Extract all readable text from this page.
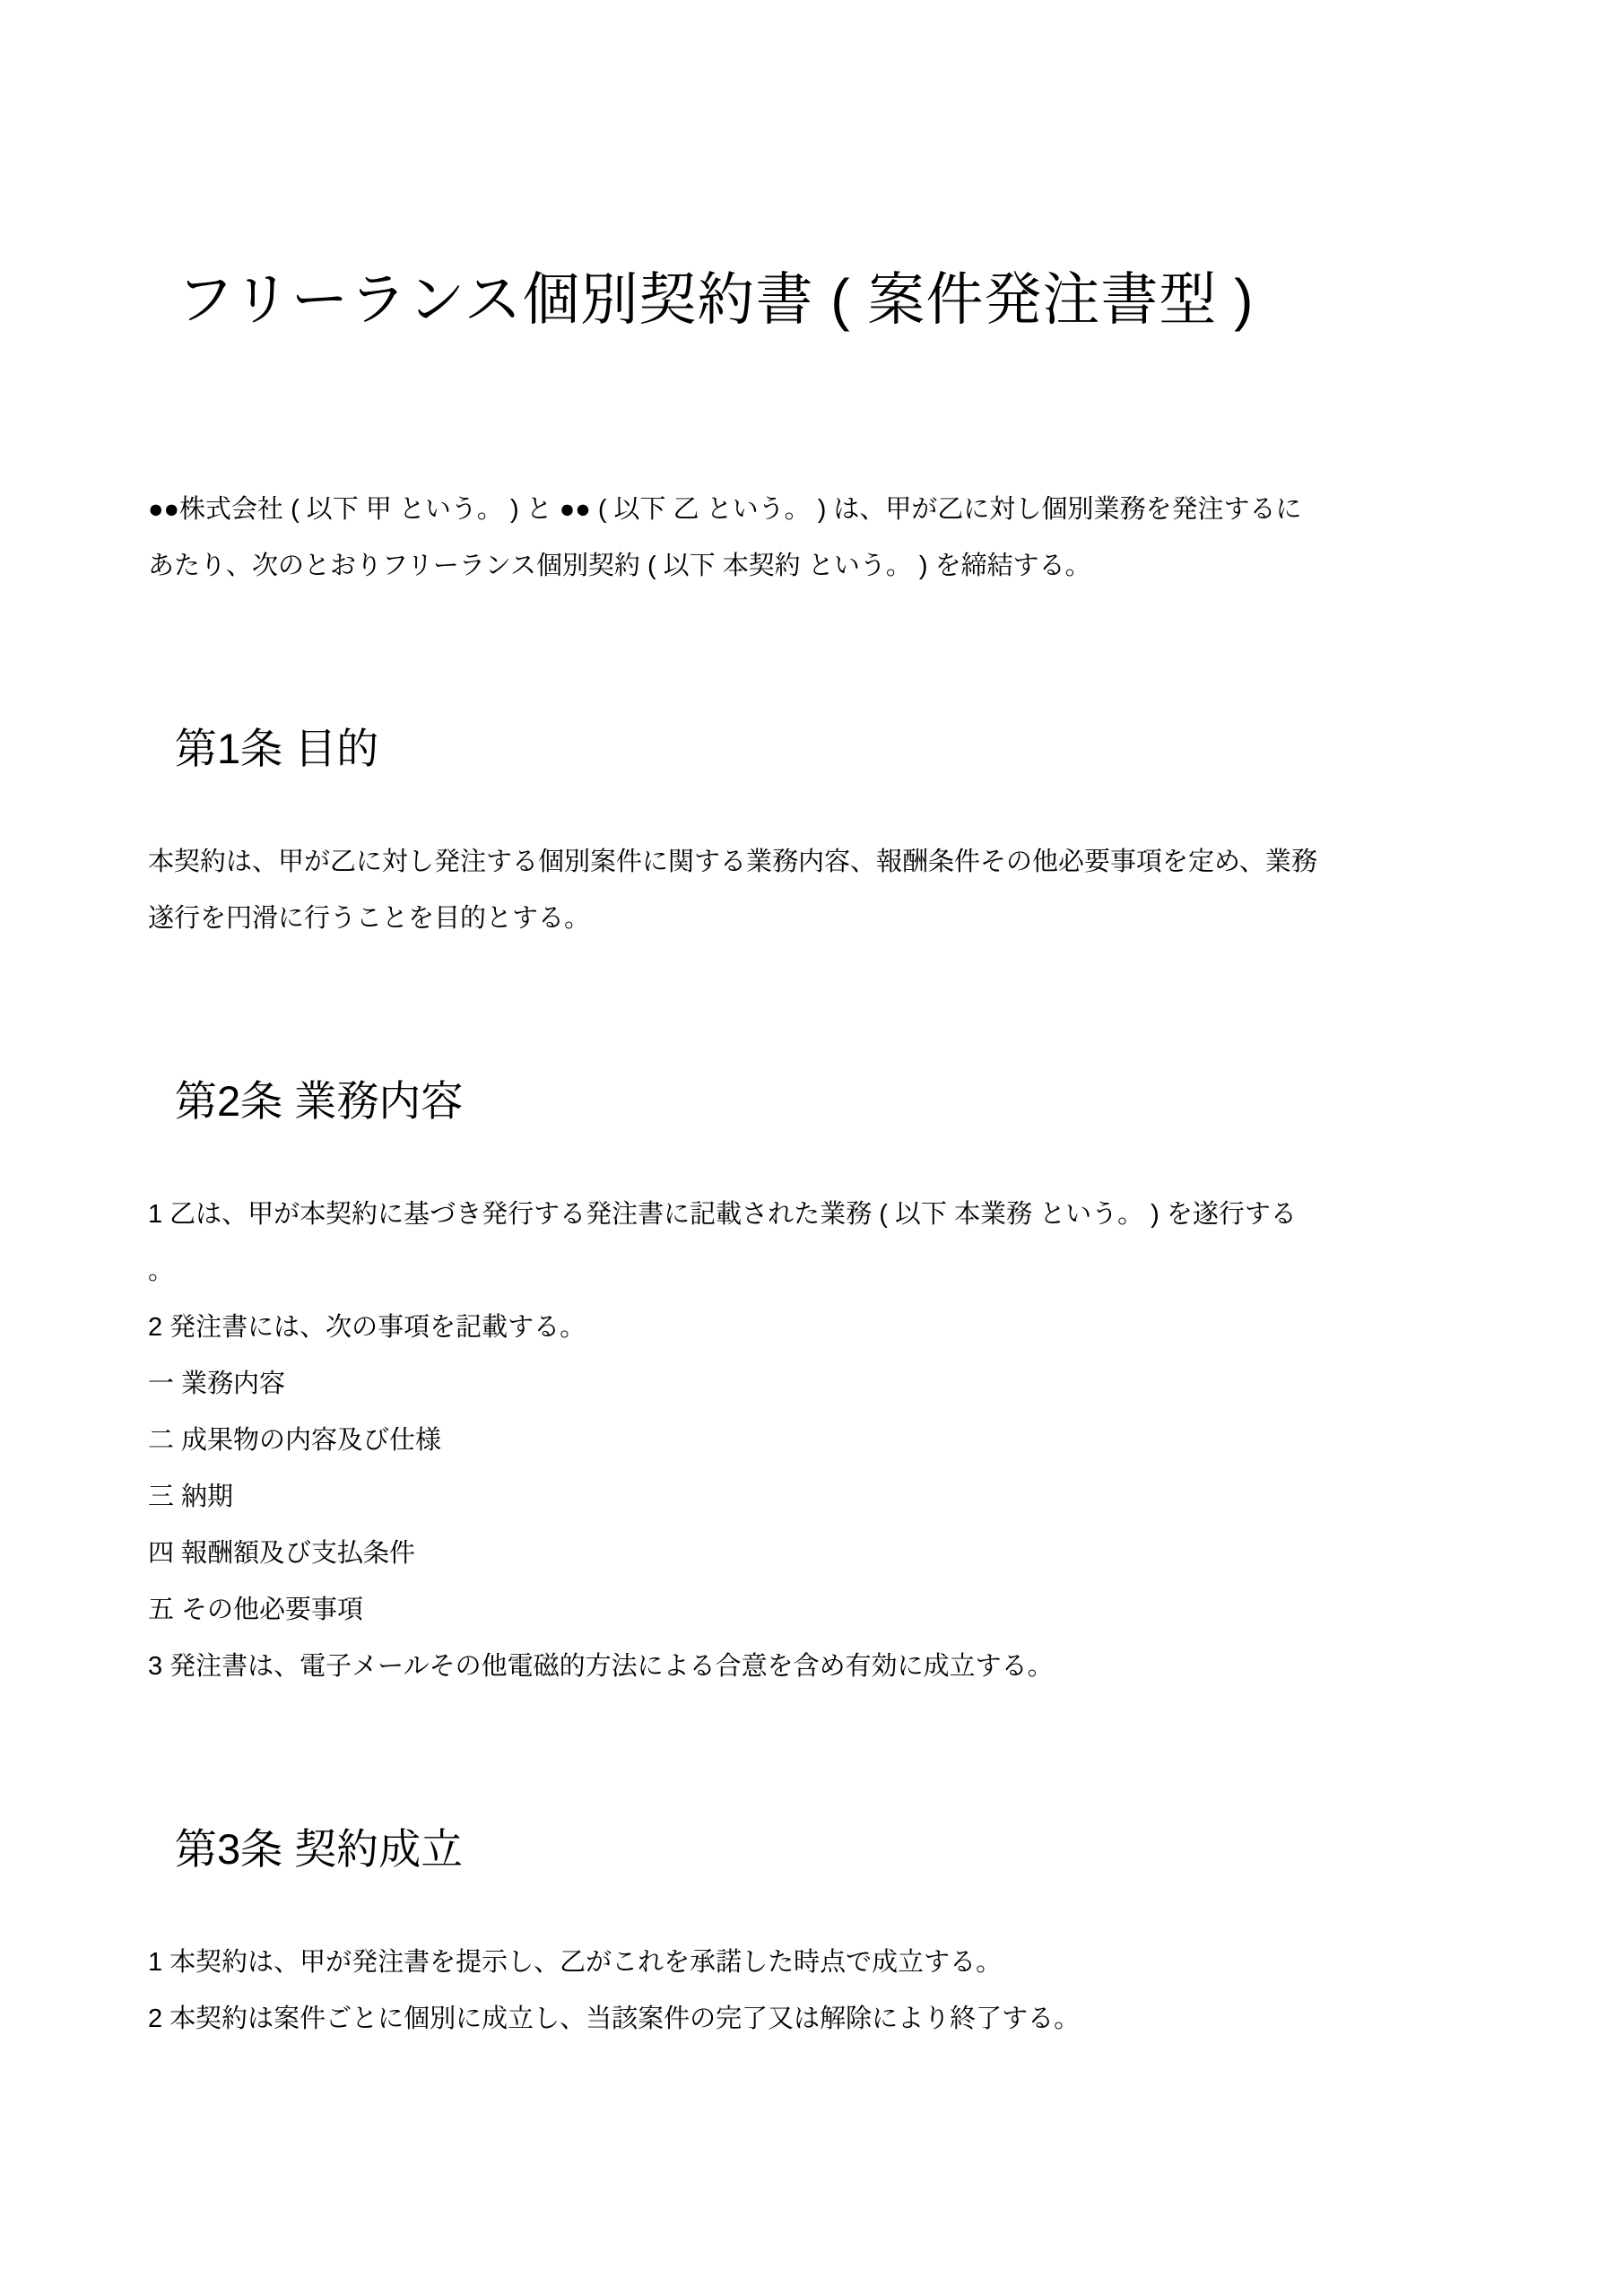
フリーランス個別契約書 ( 案件発注書型 )
●●株式会社 ( 以下 甲 という。 ) と ●● ( 以下 乙 という。 ) は、甲が乙に対し個別業務を発注するに
あたり、次のとおりフリーランス個別契約 ( 以下 本契約 という。 ) を締結する。
第1条 目的
本契約は、甲が乙に対し発注する個別案件に関する業務内容、報酬条件その他必要事項を定め、業務
遂行を円滑に行うことを目的とする。
第2条 業務内容
1 乙は、甲が本契約に基づき発行する発注書に記載された業務 ( 以下 本業務 という。 ) を遂行する
。
2 発注書には、次の事項を記載する。
一 業務内容
二 成果物の内容及び仕様
三 納期
四 報酬額及び支払条件
五 その他必要事項
3 発注書は、電子メールその他電磁的方法による合意を含め有効に成立する。
第3条 契約成立
1 本契約は、甲が発注書を提示し、乙がこれを承諾した時点で成立する。
2 本契約は案件ごとに個別に成立し、当該案件の完了又は解除により終了する。
